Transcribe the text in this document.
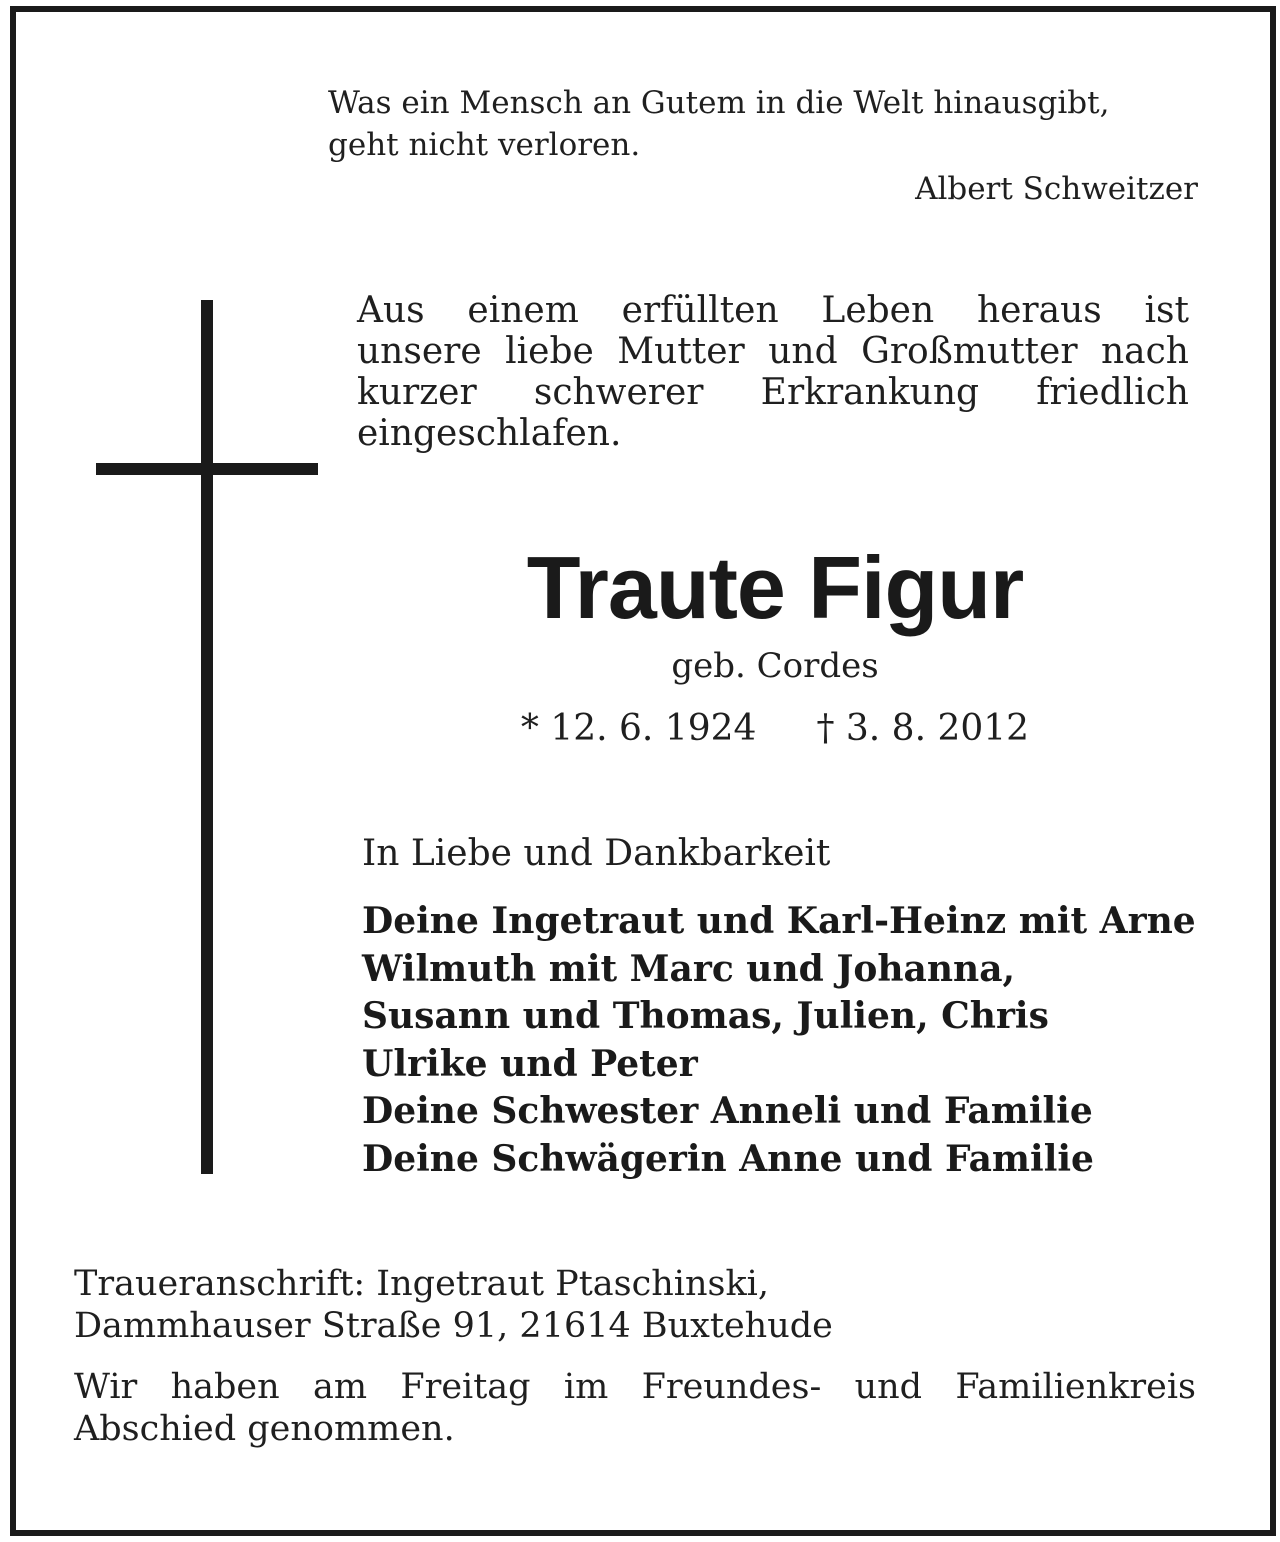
Was ein Mensch an Gutem in die Welt hinausgibt,
geht nicht verloren.
Albert Schweitzer
Aus einem erfüllten Leben heraus ist
unsere liebe Mutter und Großmutter nach
kurzer schwerer Erkrankung friedlich
eingeschlafen.
Traute Figur
geb. Cordes
* 12. 6. 1924 † 3. 8. 2012
In Liebe und Dankbarkeit
Deine Ingetraut und Karl-Heinz mit Arne
Wilmuth mit Marc und Johanna,
Susann und Thomas, Julien, Chris
Ulrike und Peter
Deine Schwester Anneli und Familie
Deine Schwägerin Anne und Familie
Traueranschrift: Ingetraut Ptaschinski,
Dammhauser Straße 91, 21614 Buxtehude
Wir haben am Freitag im Freundes- und Familienkreis
Abschied genommen.
